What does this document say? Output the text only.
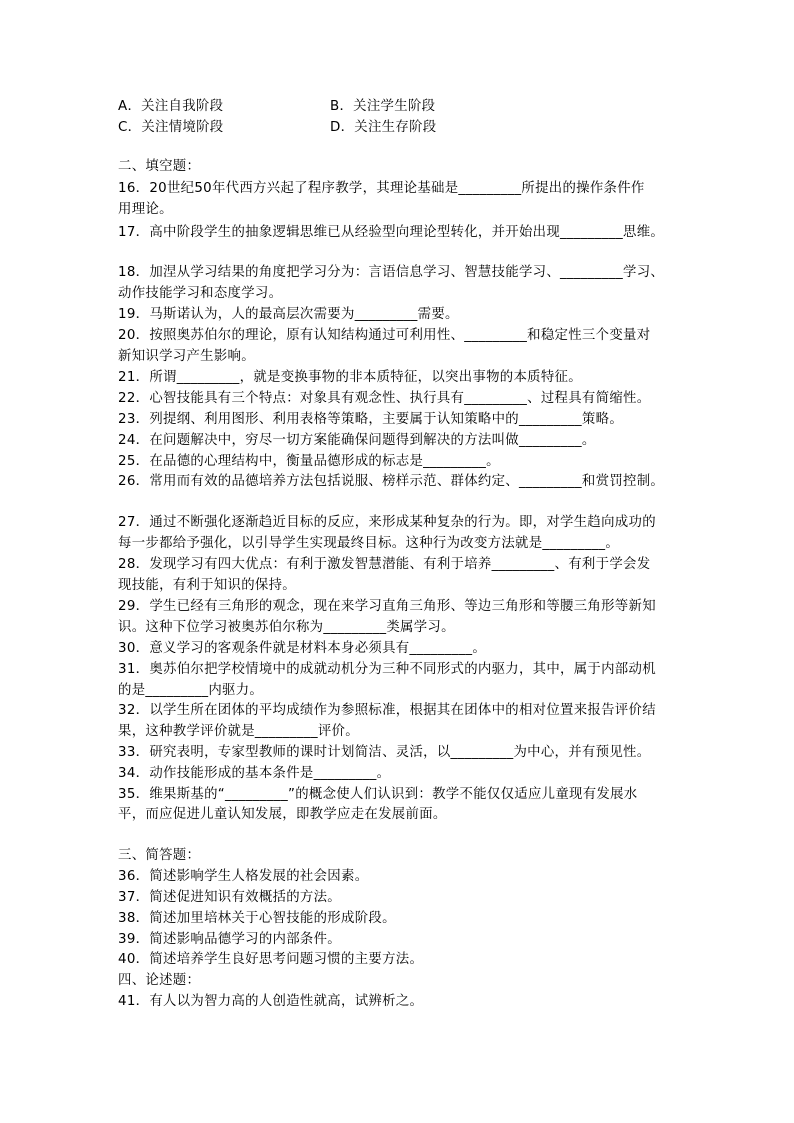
A．关注自我阶段	B．关注学生阶段
C．关注情境阶段	D．关注生存阶段
二、填空题：
16．20世纪50年代西方兴起了程序教学，其理论基础是_________所提出的操作条件作
用理论。
17．高中阶段学生的抽象逻辑思维已从经验型向理论型转化，并开始出现_________思维。
18．加涅从学习结果的角度把学习分为：言语信息学习、智慧技能学习、_________学习、
动作技能学习和态度学习。
19．马斯诺认为，人的最高层次需要为_________需要。
20．按照奥苏伯尔的理论，原有认知结构通过可利用性、_________和稳定性三个变量对
新知识学习产生影响。
21．所谓_________，就是变换事物的非本质特征，以突出事物的本质特征。
22．心智技能具有三个特点：对象具有观念性、执行具有_________、过程具有简缩性。
23．列提纲、利用图形、利用表格等策略，主要属于认知策略中的_________策略。
24．在问题解决中，穷尽一切方案能确保问题得到解决的方法叫做_________。
25．在品德的心理结构中，衡量品德形成的标志是_________。
26．常用而有效的品德培养方法包括说服、榜样示范、群体约定、_________和赏罚控制。
27．通过不断强化逐渐趋近目标的反应，来形成某种复杂的行为。即，对学生趋向成功的
每一步都给予强化，以引导学生实现最终目标。这种行为改变方法就是_________。
28．发现学习有四大优点：有利于激发智慧潜能、有利于培养_________、有利于学会发
现技能，有利于知识的保持。
29．学生已经有三角形的观念，现在来学习直角三角形、等边三角形和等腰三角形等新知
识。这种下位学习被奥苏伯尔称为_________类属学习。
30．意义学习的客观条件就是材料本身必须具有_________。
31．奥苏伯尔把学校情境中的成就动机分为三种不同形式的内驱力，其中，属于内部动机
的是_________内驱力。
32．以学生所在团体的平均成绩作为参照标准，根据其在团体中的相对位置来报告评价结
果，这种教学评价就是_________评价。
33．研究表明，专家型教师的课时计划简洁、灵活，以_________为中心，并有预见性。
34．动作技能形成的基本条件是_________。
35．维果斯基的“_________”的概念使人们认识到：教学不能仅仅适应儿童现有发展水
平，而应促进儿童认知发展，即教学应走在发展前面。
三、简答题：
36．简述影响学生人格发展的社会因素。
37．简述促进知识有效概括的方法。
38．简述加里培林关于心智技能的形成阶段。
39．简述影响品德学习的内部条件。
40．简述培养学生良好思考问题习惯的主要方法。
四、论述题：
41．有人以为智力高的人创造性就高，试辨析之。
